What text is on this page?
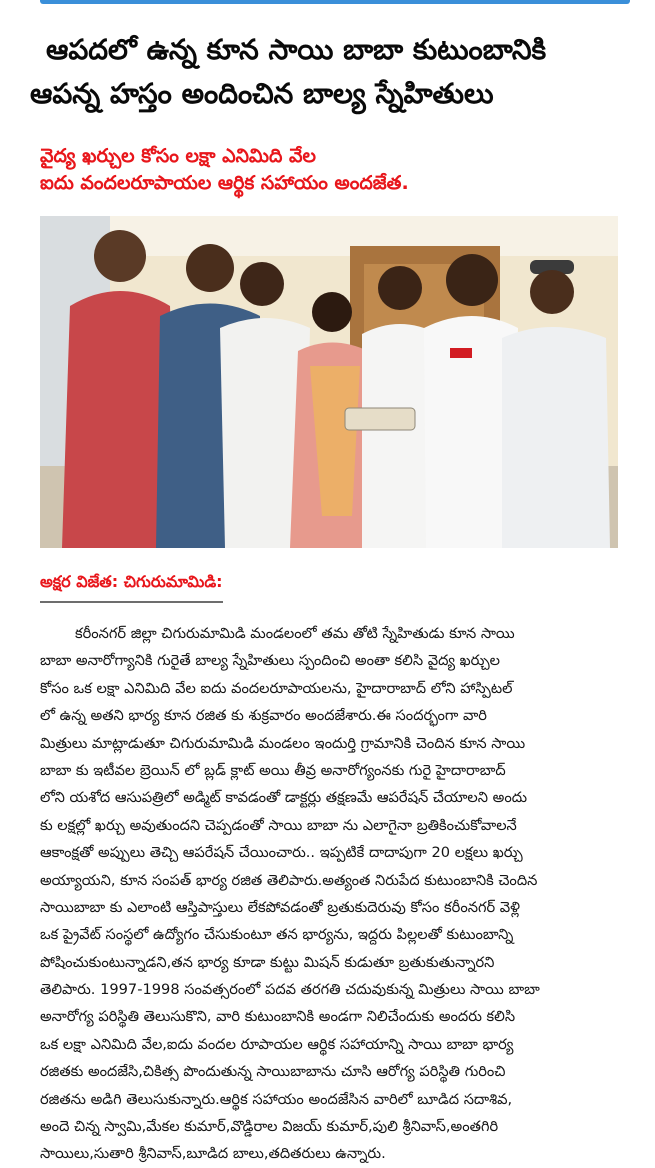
ఆపదలో ఉన్న కూన సాయి బాబా కుటుంబానికి
ఆపన్న హస్తం అందించిన బాల్య స్నేహితులు
వైద్య ఖర్చుల కోసం లక్షా ఎనిమిది వేల
ఐదు వందలరూపాయల ఆర్థిక సహాయం అందజేత.
అక్షర విజేత: చిగురుమామిడి:
కరీంనగర్ జిల్లా చిగురుమామిడి మండలంలో తమ తోటి స్నేహితుడు కూన సాయి
బాబా అనారోగ్యానికి గురైతే బాల్య స్నేహితులు స్పందించి అంతా కలిసి వైద్య ఖర్చుల
కోసం ఒక లక్షా ఎనిమిది వేల ఐదు వందలరూపాయలను, హైదారాబాద్ లోని హాస్పిటల్
లో ఉన్న అతని భార్య కూన రజిత కు శుక్రవారం అందజేశారు.ఈ సందర్భంగా వారి
మిత్రులు మాట్లాడుతూ చిగురుమామిడి మండలం ఇందుర్తి గ్రామానికి చెందిన కూన సాయి
బాబా కు ఇటీవల బ్రెయిన్ లో బ్లడ్ క్లాట్ అయి తీవ్ర అనారోగ్యంనకు గురై హైదారాబాద్
లోని యశోద ఆసుపత్రిలో అడ్మిట్ కావడంతో డాక్టర్లు తక్షణమే ఆపరేషన్ చేయాలని అందు
కు లక్షల్లో ఖర్చు అవుతుందని చెప్పడంతో సాయి బాబా ను ఎలాగైనా బ్రతికించుకోవాలనే
ఆకాంక్షతో అప్పులు తెచ్చి ఆపరేషన్ చేయించారు.. ఇప్పటికే దాదాపుగా 20 లక్షలు ఖర్చు
అయ్యాయని, కూన సంపత్ భార్య రజిత తెలిపారు.అత్యంత నిరుపేద కుటుంబానికి చెందిన
సాయిబాబా కు ఎలాంటి ఆస్తిపాస్తులు లేకపోవడంతో బ్రతుకుదెరువు కోసం కరీంనగర్ వెళ్లి
ఒక ప్రైవేట్ సంస్థలో ఉద్యోగం చేసుకుంటూ తన భార్యను, ఇద్దరు పిల్లలతో కుటుంబాన్ని
పోషించుకుంటున్నాడని,తన భార్య కూడా కుట్టు మిషన్ కుడుతూ బ్రతుకుతున్నారని
తెలిపారు. 1997-1998 సంవత్సరంలో పదవ తరగతి చదువుకున్న మిత్రులు సాయి బాబా
అనారోగ్య పరిస్థితి తెలుసుకొని, వారి కుటుంబానికి అండగా నిలిచేందుకు అందరు కలిసి
ఒక లక్షా ఎనిమిది వేల,ఐదు వందల రూపాయల ఆర్థిక సహాయాన్ని సాయి బాబా భార్య
రజితకు అందజేసి,చికిత్స పొందుతున్న సాయిబాబాను చూసి ఆరోగ్య పరిస్థితి గురించి
రజితను అడిగి తెలుసుకున్నారు.ఆర్థిక సహాయం అందజేసిన వారిలో బూడిద సదాశివ,
అందె చిన్న స్వామి,మేకల కుమార్,వొడ్డిరాల విజయ్ కుమార్,పులి శ్రీనివాస్,అంతగిరి
సాయిలు,సుతారి శ్రీనివాస్,బూడిద బాలు,తదితరులు ఉన్నారు.
